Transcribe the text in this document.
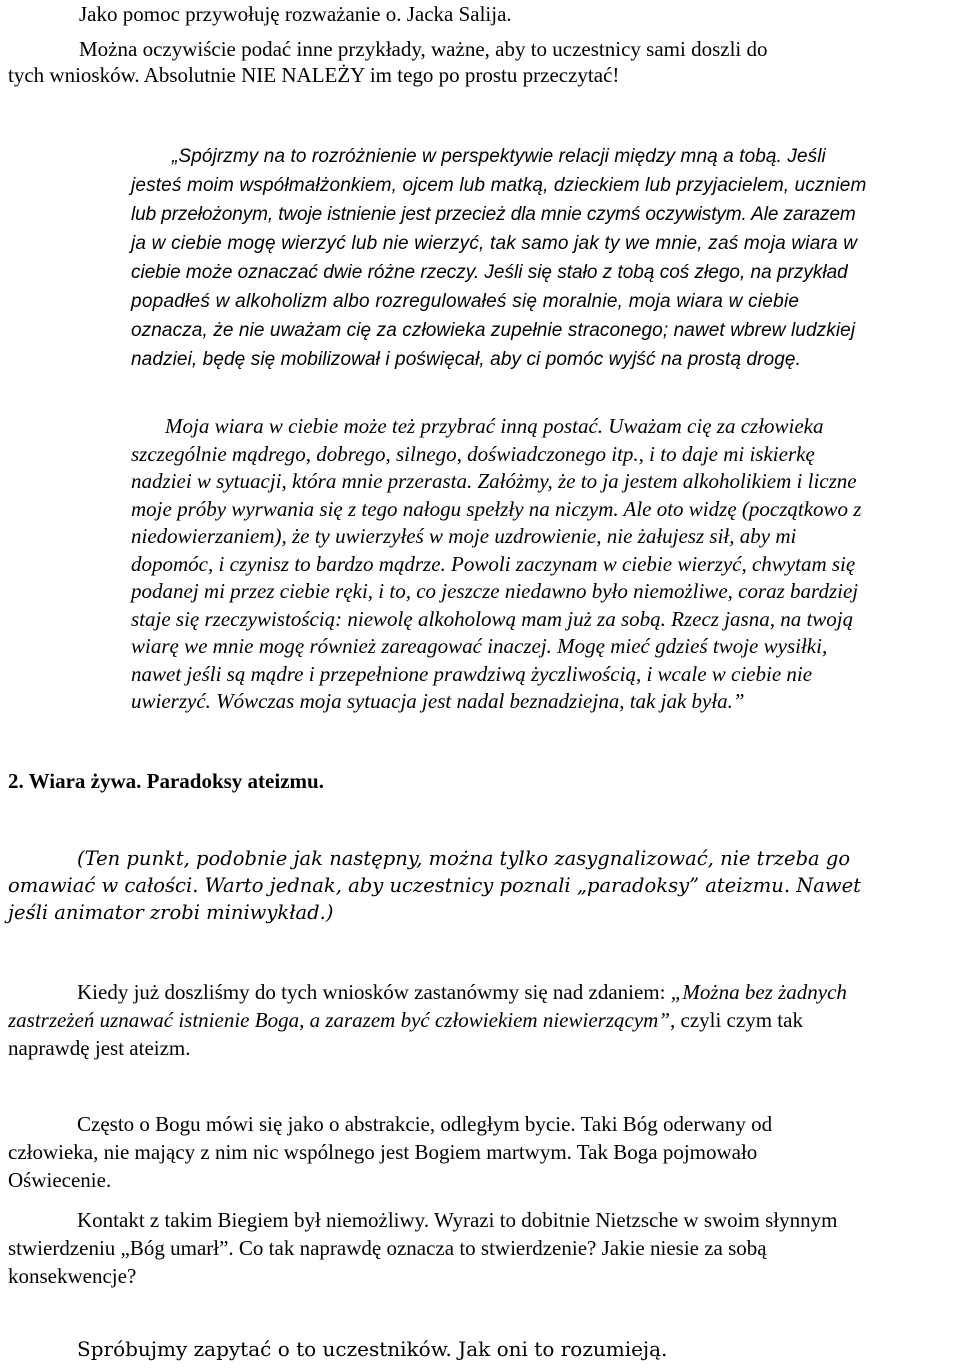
Jako pomoc przywołuję rozważanie o. Jacka Salija.
Można oczywiście podać inne przykłady, ważne, aby to uczestnicy sami doszli do
tych wniosków. Absolutnie NIE NALEŻY im tego po prostu przeczytać!
„Spójrzmy na to rozróżnienie w perspektywie relacji między mną a tobą. Jeśli
jesteś moim współmałżonkiem, ojcem lub matką, dzieckiem lub przyjacielem, uczniem
lub przełożonym, twoje istnienie jest przecież dla mnie czymś oczywistym. Ale zarazem
ja w ciebie mogę wierzyć lub nie wierzyć, tak samo jak ty we mnie, zaś moja wiara w
ciebie może oznaczać dwie różne rzeczy. Jeśli się stało z tobą coś złego, na przykład
popadłeś w alkoholizm albo rozregulowałeś się moralnie, moja wiara w ciebie
oznacza, że nie uważam cię za człowieka zupełnie straconego; nawet wbrew ludzkiej
nadziei, będę się mobilizował i poświęcał, aby ci pomóc wyjść na prostą drogę.
Moja wiara w ciebie może też przybrać inną postać. Uważam cię za człowieka
szczególnie mądrego, dobrego, silnego, doświadczonego itp., i to daje mi iskierkę
nadziei w sytuacji, która mnie przerasta. Załóżmy, że to ja jestem alkoholikiem i liczne
moje próby wyrwania się z tego nałogu spełzły na niczym. Ale oto widzę (początkowo z
niedowierzaniem), że ty uwierzyłeś w moje uzdrowienie, nie żałujesz sił, aby mi
dopomóc, i czynisz to bardzo mądrze. Powoli zaczynam w ciebie wierzyć, chwytam się
podanej mi przez ciebie ręki, i to, co jeszcze niedawno było niemożliwe, coraz bardziej
staje się rzeczywistością: niewolę alkoholową mam już za sobą. Rzecz jasna, na twoją
wiarę we mnie mogę również zareagować inaczej. Mogę mieć gdzieś twoje wysiłki,
nawet jeśli są mądre i przepełnione prawdziwą życzliwością, i wcale w ciebie nie
uwierzyć. Wówczas moja sytuacja jest nadal beznadziejna, tak jak była.”
2. Wiara żywa. Paradoksy ateizmu.
(Ten punkt, podobnie jak następny, można tylko zasygnalizować, nie trzeba go
omawiać w całości. Warto jednak, aby uczestnicy poznali „paradoksy” ateizmu. Nawet
jeśli animator zrobi miniwykład.)
Kiedy już doszliśmy do tych wniosków zastanówmy się nad zdaniem: „Można bez żadnych
zastrzeżeń uznawać istnienie Boga, a zarazem być człowiekiem niewierzącym”, czyli czym tak
naprawdę jest ateizm.
Często o Bogu mówi się jako o abstrakcie, odległym bycie. Taki Bóg oderwany od
człowieka, nie mający z nim nic wspólnego jest Bogiem martwym. Tak Boga pojmowało
Oświecenie.
Kontakt z takim Biegiem był niemożliwy. Wyrazi to dobitnie Nietzsche w swoim słynnym
stwierdzeniu „Bóg umarł”. Co tak naprawdę oznacza to stwierdzenie? Jakie niesie za sobą
konsekwencje?
Spróbujmy zapytać o to uczestników. Jak oni to rozumieją.
